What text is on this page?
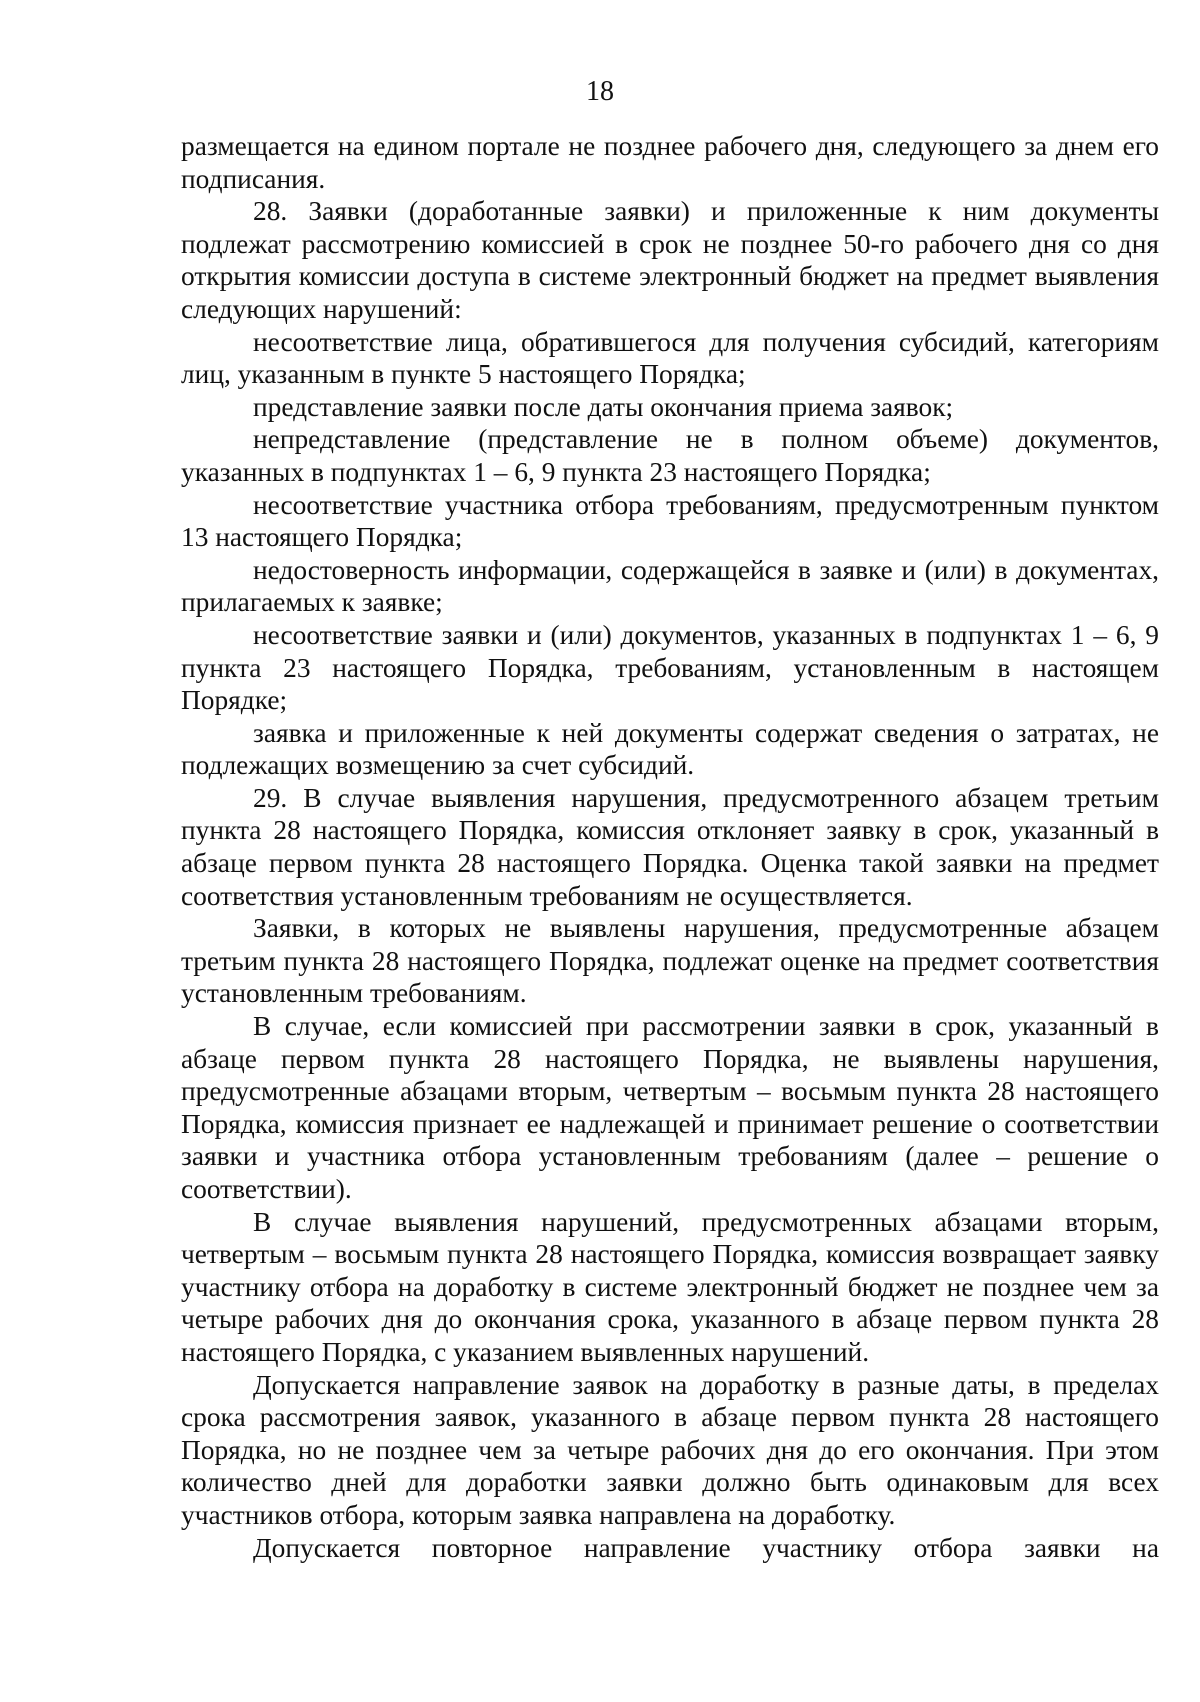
18

размещается на едином портале не позднее рабочего дня, следующего за днем его подписания.

28. Заявки (доработанные заявки) и приложенные к ним документы подлежат рассмотрению комиссией в срок не позднее 50-го рабочего дня со дня открытия комиссии доступа в системе электронный бюджет на предмет выявления следующих нарушений:

несоответствие лица, обратившегося для получения субсидий, категориям лиц, указанным в пункте 5 настоящего Порядка;

представление заявки после даты окончания приема заявок;

непредставление (представление не в полном объеме) документов, указанных в подпунктах 1 – 6, 9 пункта 23 настоящего Порядка;

несоответствие участника отбора требованиям, предусмотренным пунктом 13 настоящего Порядка;

недостоверность информации, содержащейся в заявке и (или) в документах, прилагаемых к заявке;

несоответствие заявки и (или) документов, указанных в подпунктах 1 – 6, 9 пункта 23 настоящего Порядка, требованиям, установленным в настоящем Порядке;

заявка и приложенные к ней документы содержат сведения о затратах, не подлежащих возмещению за счет субсидий.

29. В случае выявления нарушения, предусмотренного абзацем третьим пункта 28 настоящего Порядка, комиссия отклоняет заявку в срок, указанный в абзаце первом пункта 28 настоящего Порядка. Оценка такой заявки на предмет соответствия установленным требованиям не осуществляется.

Заявки, в которых не выявлены нарушения, предусмотренные абзацем третьим пункта 28 настоящего Порядка, подлежат оценке на предмет соответствия установленным требованиям.

В случае, если комиссией при рассмотрении заявки в срок, указанный в абзаце первом пункта 28 настоящего Порядка, не выявлены нарушения, предусмотренные абзацами вторым, четвертым – восьмым пункта 28 настоящего Порядка, комиссия признает ее надлежащей и принимает решение о соответствии заявки и участника отбора установленным требованиям (далее – решение о соответствии).

В случае выявления нарушений, предусмотренных абзацами вторым, четвертым – восьмым пункта 28 настоящего Порядка, комиссия возвращает заявку участнику отбора на доработку в системе электронный бюджет не позднее чем за четыре рабочих дня до окончания срока, указанного в абзаце первом пункта 28 настоящего Порядка, с указанием выявленных нарушений.

Допускается направление заявок на доработку в разные даты, в пределах срока рассмотрения заявок, указанного в абзаце первом пункта 28 настоящего Порядка, но не позднее чем за четыре рабочих дня до его окончания. При этом количество дней для доработки заявки должно быть одинаковым для всех участников отбора, которым заявка направлена на доработку.

Допускается повторное направление участнику отбора заявки на
